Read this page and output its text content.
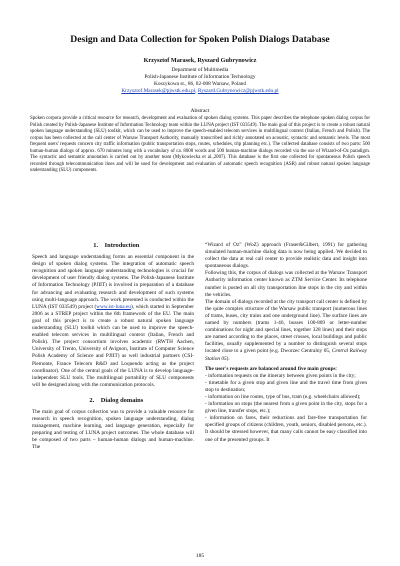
Design and Data Collection for Spoken Polish Dialogs Database
Krzysztof Marasek, Ryszard Gubrynowicz
Department of Multimedia
Polish-Japanese Institute of Information Technology
Koszykowa st., 86, 02-008 Warsaw, Poland
Krzysztof.Marasek@pjwstk.edu.pl, Ryszard.Gubrynowicz@pjwstk.edu.pl
Abstract
Spoken corpora provide a critical resource for research, development and evaluation of spoken dialog systems. This paper describes the telephone spoken dialog corpus for Polish created by Polish-Japanese Institute of Information Technology team within the LUNA project (IST 033549). The main goal of this project is to create a robust natural spoken language understanding (SLU) toolkit, which can be used to improve the speech-enabled telecom services in multilingual context (Italian, French and Polish). The corpus has been collected at the call center of Warsaw Transport Authority, manually transcribed and richly annotated on acoustic, syntactic and semantic levels. The most frequent users' requests concern city traffic information (public transportation stops, routes, schedules, trip planning etc.). The collected database consists of two parts: 500 human-human dialogs of approx. 670 minutes long with a vocabulary of ca. 8000 words and 500 human-machine dialogs recorded via the use of Wizard-of-Oz paradigm. The syntactic and semantic annotation is carried out by another team (Mykowiecka et al.,2007). This database is the first one collected for spontaneous Polish speech recorded through telecommunication lines and will be used for development and evaluation of automatic speech recognition (ASR) and robust natural spoken language understanding (SLU) components.
1. Introduction

Speech and language understanding forms an essential component in the design of spoken dialog systems. The integration of automatic speech recognition and spoken language understanding technologies is crucial for development of user friendly dialog systems. The Polish-Japanese Institute of Information Technology (PJIIT) is involved in preparation of a database for advancing and evaluating research and development of such systems using multi-language approach. The work presented is conducted within the LUNA (IST 033549) project (www.ist-luna.eu), which started in September 2006 as a STREP project within the 6th framework of the EU. The main goal of this project is to create a robust natural spoken language understanding (SLU) toolkit which can be used to improve the speech-enabled telecom services in multilingual context (Italian, French and Polish). The project consortium involves academic (RWTH Aachen, University of Trento, University of Avignon, Institute of Computer Science Polish Academy of Science and PJIIT) as well industrial partners (CSI-Piemonte, France Telecom R&D and Loquendo acting as the project coordinator). One of the central goals of the LUNA is to develop language-independent SLU tools. The multilingual portability of SLU components will be designed along with the communication protocols.

2. Dialog domains

The main goal of corpus collection was to provide a valuable resource for research in speech recognition, spoken language understanding, dialog management, machine learning, and language generation, especially for preparing and testing of LUNA project outcomes. The whole database will be composed of two parts – human-human dialogs and human-machine. The

“Wizard of Oz” (WoZ) approach (Fraser&Gilbert, 1991) for gathering simulated human-machine dialog data is now being applied. We decided to collect the data at real call center to provide realistic data and insight into spontaneous dialogs.

Following this, the corpus of dialogs was collected at the Warsaw Transport Authority information center known as ZTM Service Center. Its telephone number is posted on all city transportation line stops in the city and within the vehicles.

The domain of dialogs recorded at the city transport call center is defined by the quite complex structure of the Warsaw public transport (numerous lines of trams, buses, city trains and one underground line). The surface lines are named by numbers (trams 1-46, busses 100-809 or letter-number combinations for night and special lines, together 328 lines) and their stops are named according to the places, street crosses, local buildings and public facilities, usually supplemented by a number to distinguish several stops located close to a given point (e.g. Dworzec Centralny 05, Central Railway Station 05).

The user's requests are balanced around five main groups:

- information requests on the itinerary between given points in the city;

- timetable for a given stop and given line and the travel time from given stop to destination;

- information on line routes, type of bus, tram (e.g. wheelchairs allowed);

- information on stops (the nearest from a given point in the city, stops for a given line, transfer stops, etc.);

- information on fares, their reductions and fare-free transportation for specified groups of citizens (children, youth, seniors, disabled persons, etc.).

It should be stressed however, that many calls cannot be easy classified into one of the presented groups. It

185
